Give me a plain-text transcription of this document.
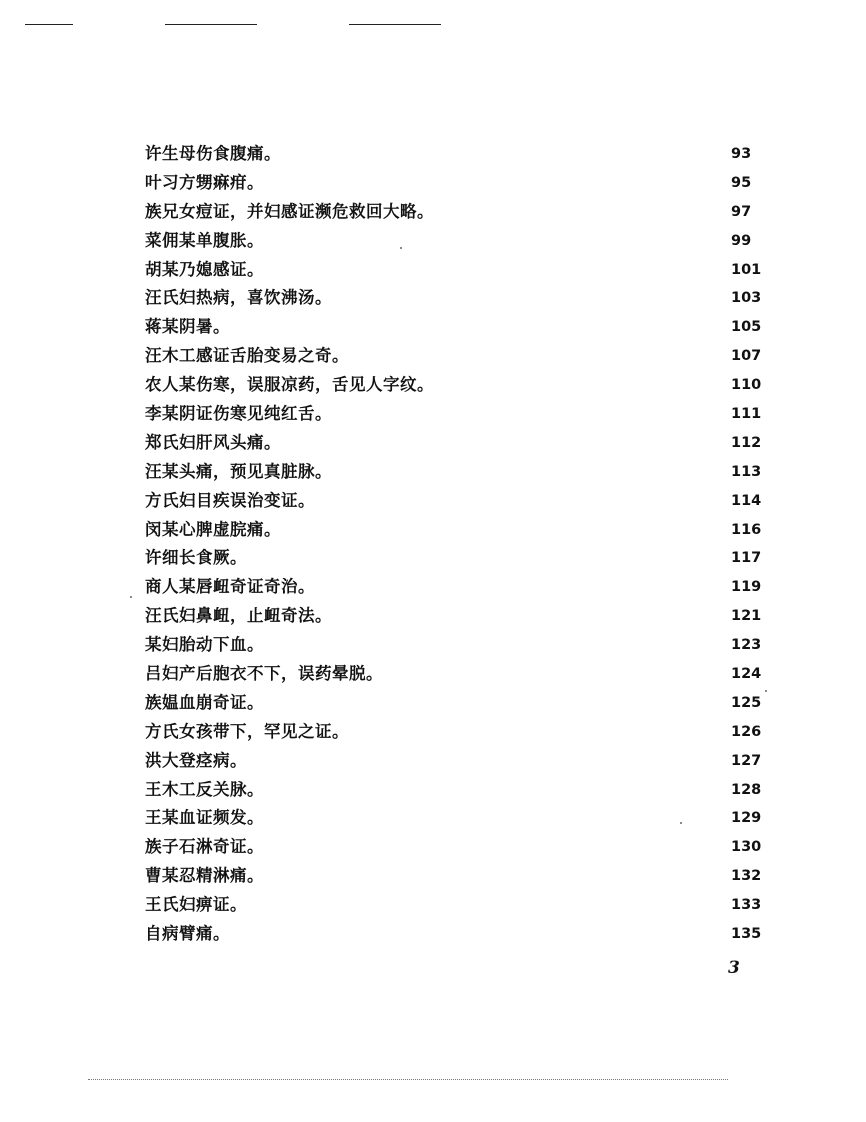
许生母伤食腹痛。	93
叶习方甥痳疳。	95
族兄女痘证，并妇感证濒危救回大略。	97
菜佣某单腹胀。	99
胡某乃媳感证。	101
汪氏妇热病，喜饮沸汤。	103
蒋某阴暑。	105
汪木工感证舌胎变易之奇。	107
农人某伤寒，误服凉药，舌见人字纹。	110
李某阴证伤寒见纯红舌。	111
郑氏妇肝风头痛。	112
汪某头痛，预见真脏脉。	113
方氏妇目疾误治变证。	114
闵某心脾虚脘痛。	116
许细长食厥。	117
商人某唇衄奇证奇治。	119
汪氏妇鼻衄，止衄奇法。	121
某妇胎动下血。	123
吕妇产后胞衣不下，误药晕脱。	124
族媪血崩奇证。	125
方氏女孩带下，罕见之证。	126
洪大登痉病。	127
王木工反关脉。	128
王某血证频发。	129
族子石淋奇证。	130
曹某忍精淋痛。	132
王氏妇痹证。	133
自病臂痛。	135
3
